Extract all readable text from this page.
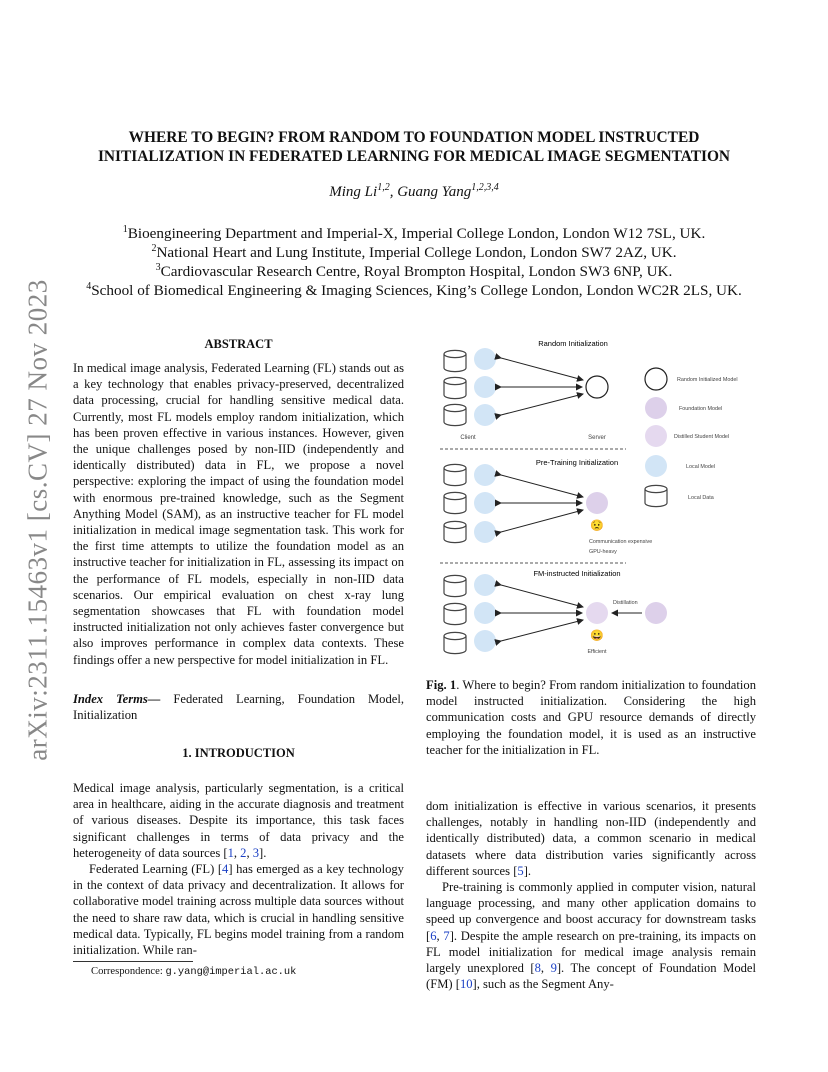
arXiv:2311.15463v1 [cs.CV] 27 Nov 2023
WHERE TO BEGIN? FROM RANDOM TO FOUNDATION MODEL INSTRUCTED
INITIALIZATION IN FEDERATED LEARNING FOR MEDICAL IMAGE SEGMENTATION
Ming Li$^{1,2}$, Guang Yang$^{1,2,3,4}$
$^1$Bioengineering Department and Imperial-X, Imperial College London, London W12 7SL, UK.
$^2$National Heart and Lung Institute, Imperial College London, London SW7 2AZ, UK.
$^3$Cardiovascular Research Centre, Royal Brompton Hospital, London SW3 6NP, UK.
$^4$School of Biomedical Engineering & Imaging Sciences, King’s College London, London WC2R 2LS, UK.
ABSTRACT
In medical image analysis, Federated Learning (FL) stands out as a key technology that enables privacy-preserved, decentralized data processing, crucial for handling sensitive medical data. Currently, most FL models employ random initialization, which has been proven effective in various instances. However, given the unique challenges posed by non-IID (independently and identically distributed) data in FL, we propose a novel perspective: exploring the impact of using the foundation model with enormous pre-trained knowledge, such as the Segment Anything Model (SAM), as an instructive teacher for FL model initialization in medical image segmentation task. This work for the first time attempts to utilize the foundation model as an instructive teacher for initialization in FL, assessing its impact on the performance of FL models, especially in non-IID data scenarios. Our empirical evaluation on chest x-ray lung segmentation showcases that FL with foundation model instructed initialization not only achieves faster convergence but also improves performance in complex data contexts. These findings offer a new perspective for model initialization in FL.
Index Terms— Federated Learning, Foundation Model, Initialization
1. INTRODUCTION

Medical image analysis, particularly segmentation, is a critical area in healthcare, aiding in the accurate diagnosis and treatment of various diseases. Despite its importance, this task faces significant challenges in terms of data privacy and the heterogeneity of data sources [1, 2, 3].

Federated Learning (FL) [4] has emerged as a key technology in the context of data privacy and decentralization. It allows for collaborative model training across multiple data sources without the need to share raw data, which is crucial in handling sensitive medical data. Typically, FL begins model training from a random initialization. While ran-

Correspondence: g.yang@imperial.ac.uk
Random Initialization
Client	Server
Random Initialized Model
Foundation Model
Distilled Student Model
Local Model
Local Data
Pre-Training Initialization
😟
Communication expensive
GPU-heavy
FM-instructed Initialization
Distillation
😀
Efficient
Fig. 1. Where to begin? From random initialization to foundation model instructed initialization. Considering the high communication costs and GPU resource demands of directly employing the foundation model, it is used as an instructive teacher for the initialization in FL.

dom initialization is effective in various scenarios, it presents challenges, notably in handling non-IID (independently and identically distributed) data, a common scenario in medical datasets where data distribution varies significantly across different sources [5].

Pre-training is commonly applied in computer vision, natural language processing, and many other application domains to speed up convergence and boost accuracy for downstream tasks [6, 7]. Despite the ample research on pre-training, its impacts on FL model initialization for medical image analysis remain largely unexplored [8, 9]. The concept of Foundation Model (FM) [10], such as the Segment Any-
